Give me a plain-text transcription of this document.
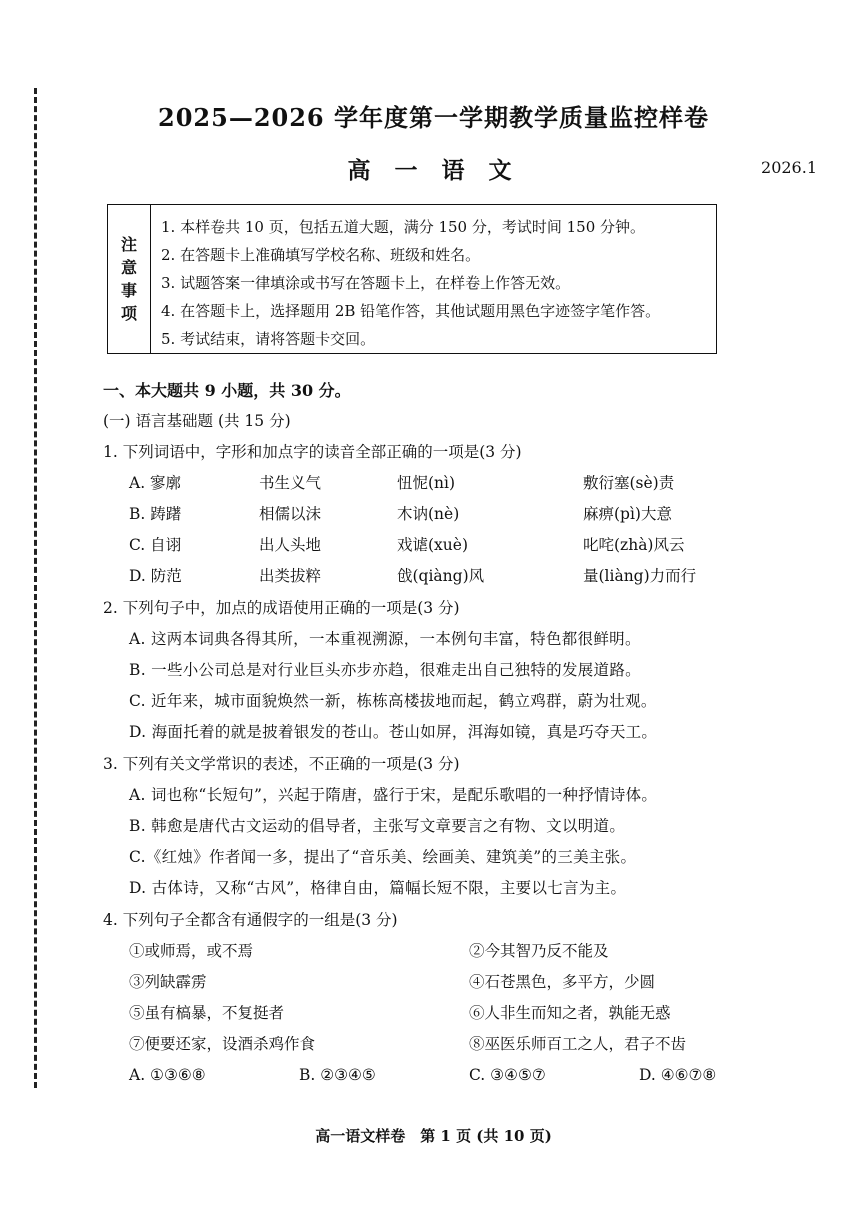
2025—2026 学年度第一学期教学质量监控样卷
高 一 语 文	2026.1
注
意
事
项
1. 本样卷共 10 页，包括五道大题，满分 150 分，考试时间 150 分钟。
2. 在答题卡上准确填写学校名称、班级和姓名。
3. 试题答案一律填涂或书写在答题卡上，在样卷上作答无效。
4. 在答题卡上，选择题用 2B 铅笔作答，其他试题用黑色字迹签字笔作答。
5. 考试结束，请将答题卡交回。
一、本大题共 9 小题，共 30 分。
(一) 语言基础题 (共 15 分)
1. 下列词语中，字形和加点字的读音全部正确的一项是(3 分)
A. 寥廓	书生义气	忸怩(nì)	敷衍塞(sè)责
B. 踌躇	相儒以沫	木讷(nè)	麻痹(pì)大意
C. 自诩	出人头地	戏谑(xuè)	叱咤(zhà)风云
D. 防范	出类拔粹	戗(qiàng)风	量(liàng)力而行
2. 下列句子中，加点的成语使用正确的一项是(3 分)
A. 这两本词典各得其所，一本重视溯源，一本例句丰富，特色都很鲜明。
B. 一些小公司总是对行业巨头亦步亦趋，很难走出自己独特的发展道路。
C. 近年来，城市面貌焕然一新，栋栋高楼拔地而起，鹤立鸡群，蔚为壮观。
D. 海面托着的就是披着银发的苍山。苍山如屏，洱海如镜，真是巧夺天工。
3. 下列有关文学常识的表述，不正确的一项是(3 分)
A. 词也称“长短句”，兴起于隋唐，盛行于宋，是配乐歌唱的一种抒情诗体。
B. 韩愈是唐代古文运动的倡导者，主张写文章要言之有物、文以明道。
C.《红烛》作者闻一多，提出了“音乐美、绘画美、建筑美”的三美主张。
D. 古体诗，又称“古风”，格律自由，篇幅长短不限，主要以七言为主。
4. 下列句子全都含有通假字的一组是(3 分)
①或师焉，或不焉	②今其智乃反不能及
③列缺霹雳	④石苍黑色，多平方，少圆
⑤虽有槁暴，不复挺者	⑥人非生而知之者，孰能无惑
⑦便要还家，设酒杀鸡作食	⑧巫医乐师百工之人，君子不齿
A. ①③⑥⑧	B. ②③④⑤	C. ③④⑤⑦	D. ④⑥⑦⑧
高一语文样卷　第 1 页 (共 10 页)
